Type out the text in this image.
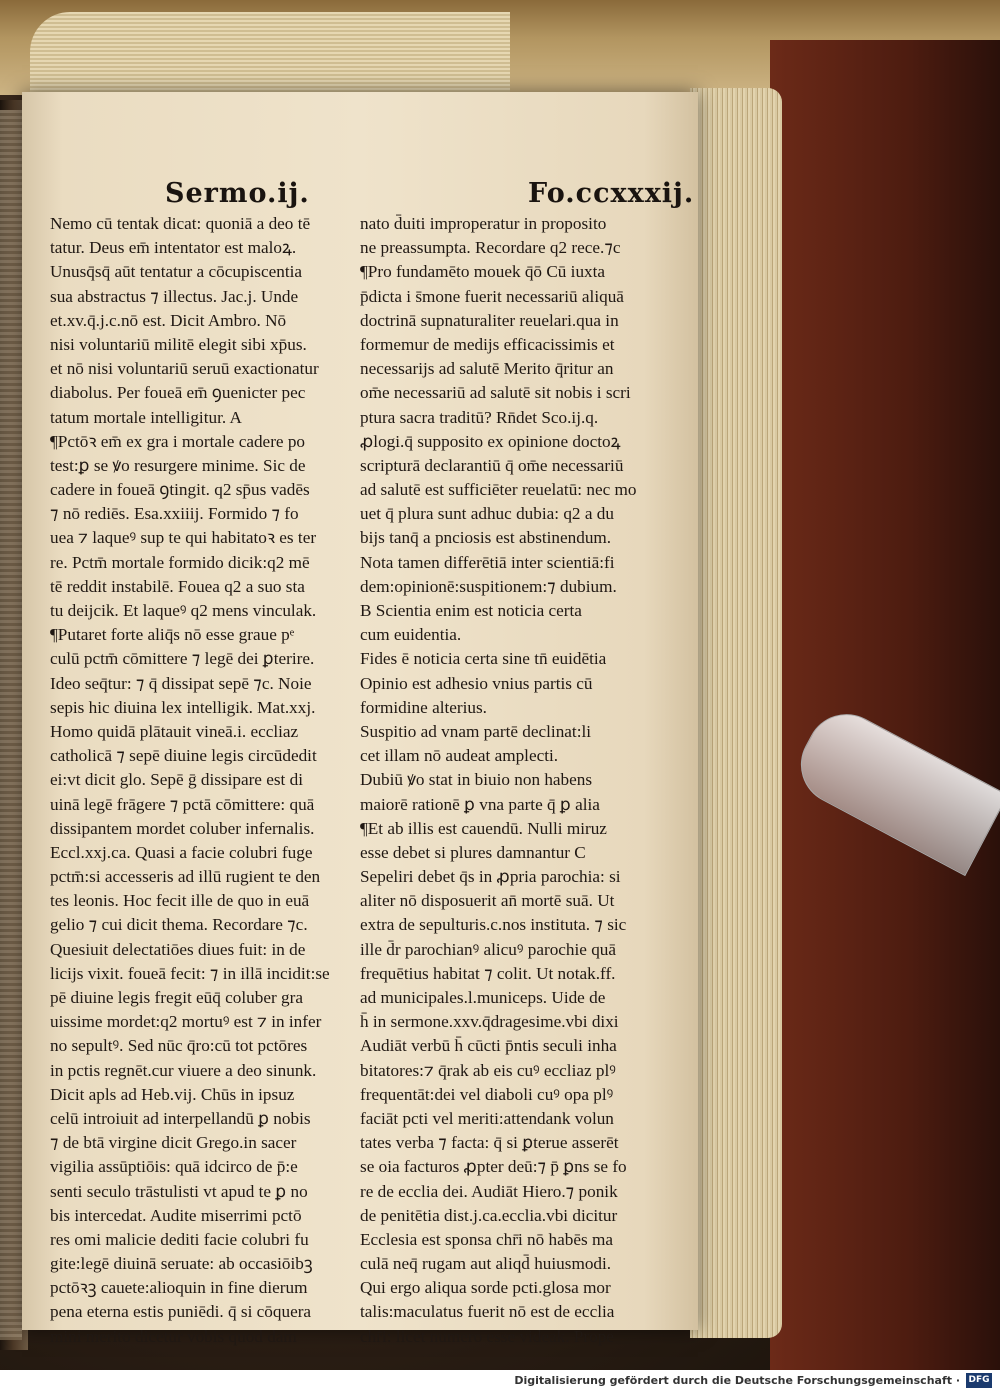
Sermo.ij.	Fo.ccxxxij.
Nemo cū tentak dicat: quoniā a deo tē
tatur. Deus em̄ intentator est maloꝝ.
Unusq̄sq̄ aūt tentatur a cōcupiscentia
sua abstractus ⁊ illectus. Jac.j. Unde
et.xv.q̄.j.c.nō est. Dicit Ambro. Nō
nisi voluntariū militē elegit sibi xp̄us.
et nō nisi voluntariū seruū exactionatur
diabolus. Per foueā em̄ ꝯuenicter pec
tatum mortale intelligitur. A
¶Pctōꝛ em̄ ex gra i mortale cadere po
test:ꝑ se ꝟo resurgere minime. Sic de
cadere in foueā ꝯtingit. q2 sp̄us vadēs
⁊ nō rediēs. Esa.xxiiij. Formido ⁊ fo
uea ⁊ laqueꝰ sup te qui habitatoꝛ es ter
re. Pctm̄ mortale formido dicik:q2 mē
tē reddit instabilē. Fouea q2 a suo sta
tu deijcik. Et laqueꝰ q2 mens vinculak.
¶Putaret forte aliq̄s nō esse graue pᵉ
culū pctm̄ cōmittere ⁊ legē dei ꝑterire.
Ideo seq̄tur: ⁊ q̄ dissipat sepē ⁊c. Noie
sepis hic diuina lex intelligik. Mat.xxj.
Homo quidā plātauit vineā.i. eccliaz
catholicā ⁊ sepē diuine legis circūdedit
ei:vt dicit glo. Sepē ḡ dissipare est di
uinā legē frāgere ⁊ pctā cōmittere: quā
dissipantem mordet coluber infernalis.
Eccl.xxj.ca. Quasi a facie colubri fuge
pctm̄:si accesseris ad illū rugient te den
tes leonis. Hoc fecit ille de quo in euā
gelio ⁊ cui dicit thema. Recordare ⁊c.
Quesiuit delectatiōes diues fuit: in de
licijs vixit. foueā fecit: ⁊ in illā incidit:se
pē diuine legis fregit eūq̄ coluber gra
uissime mordet:q2 mortuꝰ est ⁊ in infer
no sepultꝰ. Sed nūc q̄ro:cū tot pctōres
in pctis regnēt.cur viuere a deo sinunk.
Dicit apls ad Heb.vij. Chūs in ipsuz
celū introiuit ad interpellandū ꝑ nobis
⁊ de btā virgine dicit Grego.in sacer
vigilia assūptiōis: quā idcirco de p̄:e
senti seculo trāstulisti vt apud te ꝑ no
bis intercedat. Audite miserrimi pctō
res omi malicie dediti facie colubri fu
gite:legē diuinā seruate: ab occasiōibꝫ
pctōꝛꝫ cauete:alioquin in fine dierum
pena eterna estis puniēdi. q̄ si cōquera
mini merito dicetur vobis quod dam
nato d̄uiti improperatur in proposito
ne preassumpta. Recordare q2 rece.⁊c
¶Pro fundamēto mouek q̄ō Cū iuxta
p̄dicta i s̄mone fuerit necessariū aliquā
doctrinā supnaturaliter reuelari.qua in
formemur de medijs efficacissimis et
necessarijs ad salutē Merito q̄ritur an
om̄e necessariū ad salutē sit nobis i scri
ptura sacra traditū? Rn̄det Sco.ij.q.
ꝓlogi.q̄ supposito ex opinione doctoꝝ
scripturā declarantiū q̄ om̄e necessariū
ad salutē est sufficiēter reuelatū: nec mo
uet q̄ plura sunt adhuc dubia: q2 a du
bijs tanq̄ a pnciosis est abstinendum.
Nota tamen differētiā inter scientiā:fi
dem:opinionē:suspitionem:⁊ dubium.
B Scientia enim est noticia certa
cum euidentia.
Fides ē noticia certa sine tn̄ euidētia
Opinio est adhesio vnius partis cū
formidine alterius.
Suspitio ad vnam partē declinat:li
cet illam nō audeat amplecti.
Dubiū ꝟo stat in biuio non habens
maiorē rationē ꝑ vna parte q̄ ꝑ alia
¶Et ab illis est cauendū. Nulli miruz
esse debet si plures damnantur C
Sepeliri debet q̄s in ꝓpria parochia: si
aliter nō disposuerit an̄ mortē suā. Ut
extra de sepulturis.c.nos instituta. ⁊ sic
ille d̄r parochianꝰ alicuꝰ parochie quā
frequētius habitat ⁊ colit. Ut notak.ff.
ad municipales.l.municeps. Uide de
h̄ in sermone.xxv.q̄dragesime.vbi dixi
Audiāt verbū h̄ cūcti p̄ntis seculi inha
bitatores:⁊ q̄rak ab eis cuꝰ eccliaz plꝰ
frequentāt:dei vel diaboli cuꝰ opa plꝰ
faciāt pcti vel meriti:attendank volun
tates verba ⁊ facta: q̄ si ꝑterue asserēt
se oia facturos ꝓpter deū:⁊ p̄ ꝑns se fo
re de ecclia dei. Audiāt Hiero.⁊ ponik
de penitētia dist.j.ca.ecclia.vbi dicitur
Ecclesia est sponsa chr̄i nō habēs ma
culā neq̄ rugam aut aliqd̄ huiusmodi.
Qui ergo aliqua sorde pcti.glosa mor
talis:maculatus fuerit nō est de ecclia
chr̄i: licet numero esse videak. Prope
Digitalisierung gefördert durch die Deutsche Forschungsgemeinschaft · DFG
